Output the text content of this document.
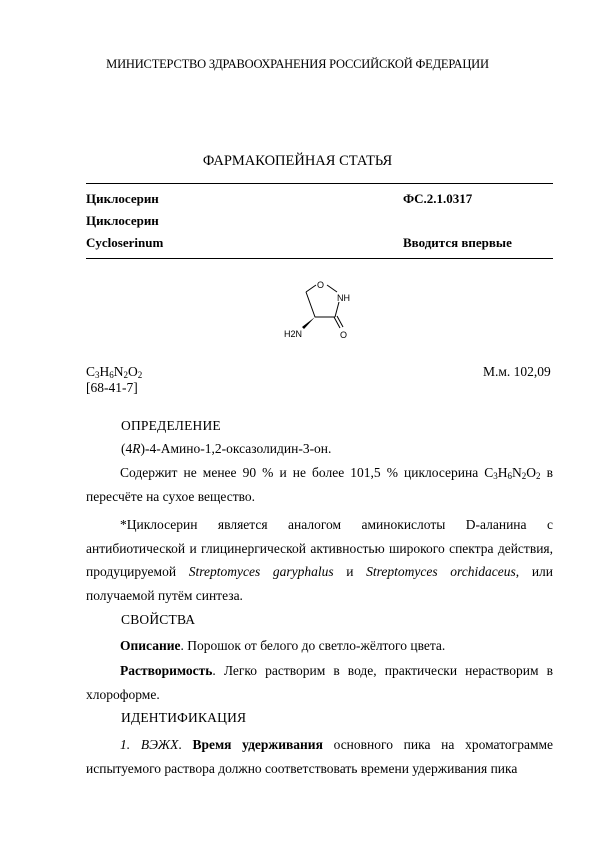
МИНИСТЕРСТВО ЗДРАВООХРАНЕНИЯ РОССИЙСКОЙ ФЕДЕРАЦИИ
ФАРМАКОПЕЙНАЯ СТАТЬЯ
Циклосерин	ФС.2.1.0317
Циклосерин
Cycloserinum	Вводится впервые
O
NH
H2N	O
$C_3H_6N_2O_2$	М.м. 102,09
[68-41-7]
ОПРЕДЕЛЕНИЕ
(4R)-4-Амино-1,2-оксазолидин-3-он.
Содержит не менее 90 % и не более 101,5 % циклосерина $C_3H_6N_2O_2$ в пересчёте на сухое вещество.
*Циклосерин является аналогом аминокислоты D-аланина с антибиотической и глицинергической активностью широкого спектра действия, продуцируемой Streptomyces garyphalus и Streptomyces orchidaceus, или получаемой путём синтеза.
СВОЙСТВА
Описание. Порошок от белого до светло-жёлтого цвета.
Растворимость. Легко растворим в воде, практически нерастворим в хлороформе.
ИДЕНТИФИКАЦИЯ
1. ВЭЖХ. Время удерживания основного пика на хроматограмме испытуемого раствора должно соответствовать времени удерживания пика
